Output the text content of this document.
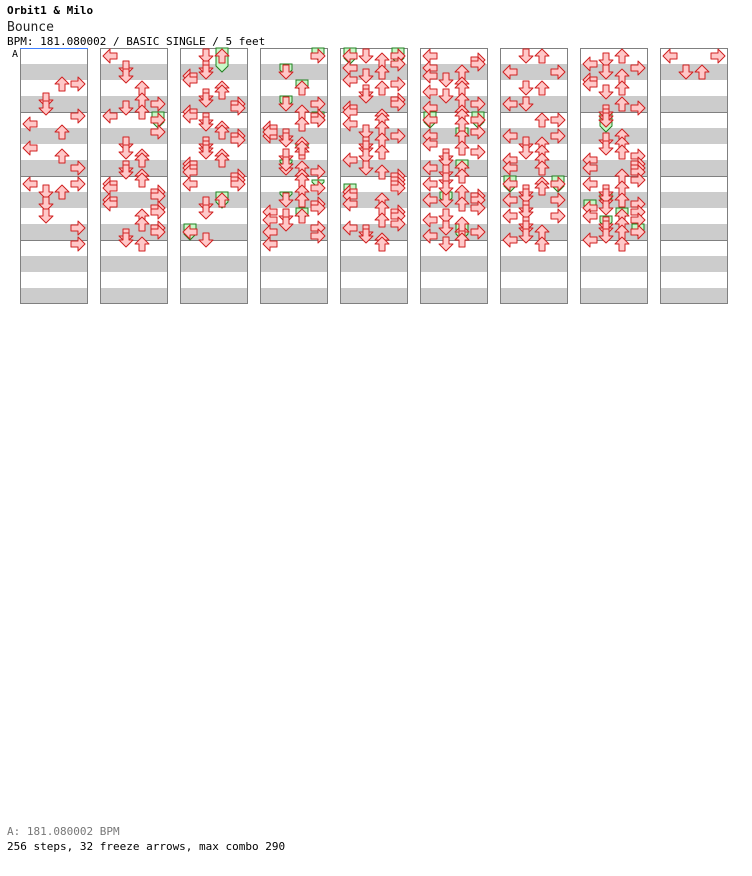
Orbit1 & Milo
Bounce
BPM: 181.080002 / BASIC SINGLE / 5 feet
A
A: 181.080002 BPM
256 steps, 32 freeze arrows, max combo 290
